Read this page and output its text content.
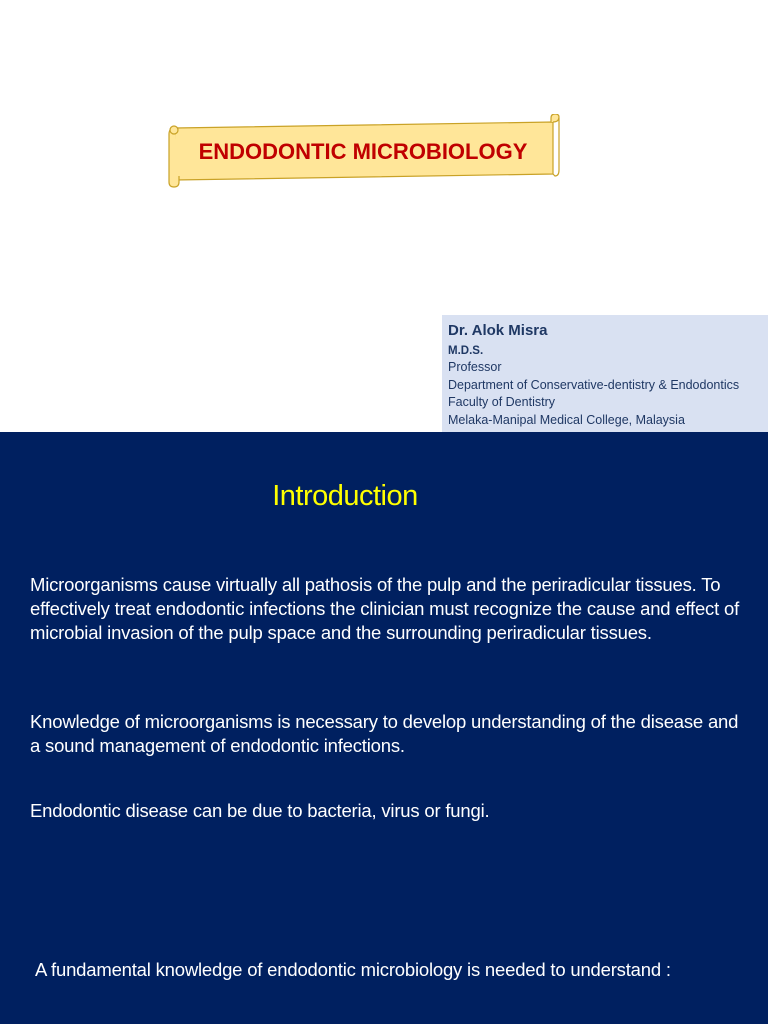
ENDODONTIC MICROBIOLOGY
Dr. Alok Misra
M.D.S.
Professor
Department of Conservative-dentistry & Endodontics
Faculty of Dentistry
Melaka-Manipal Medical College, Malaysia
Introduction
Microorganisms cause virtually all pathosis of the pulp and the periradicular tissues. To effectively treat endodontic infections the clinician must recognize the cause and effect of microbial invasion of the pulp space and the surrounding periradicular tissues.
Knowledge of microorganisms is necessary to develop understanding of the disease and a sound management of endodontic infections.
Endodontic disease can be due to bacteria, virus or fungi.
A fundamental knowledge of endodontic microbiology is needed to understand :
